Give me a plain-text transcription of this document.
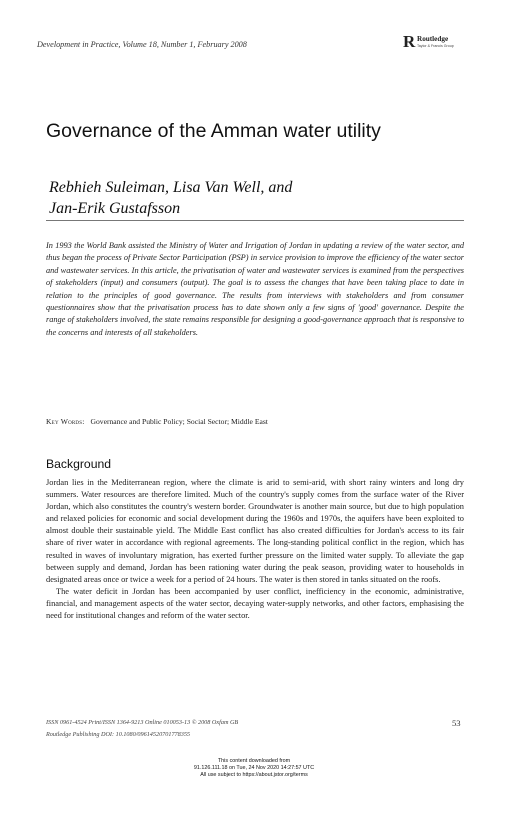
Development in Practice, Volume 18, Number 1, February 2008	R Routledge
Taylor & Francis Group
Governance of the Amman water utility
Rebhieh Suleiman, Lisa Van Well, and
Jan-Erik Gustafsson
In 1993 the World Bank assisted the Ministry of Water and Irrigation of Jordan in updating a review of the water sector, and thus began the process of Private Sector Participation (PSP) in service provision to improve the efficiency of the water sector and wastewater services. In this article, the privatisation of water and wastewater services is examined from the perspectives of stakeholders (input) and consumers (output). The goal is to assess the changes that have been taking place to date in relation to the principles of good governance. The results from interviews with stakeholders and from consumer questionnaires show that the privatisation process has to date shown only a few signs of 'good' governance. Despite the range of stakeholders involved, the state remains responsible for designing a good-governance approach that is responsive to the concerns and interests of all stakeholders.
Key Words: Governance and Public Policy; Social Sector; Middle East
Background

Jordan lies in the Mediterranean region, where the climate is arid to semi-arid, with short rainy winters and long dry summers. Water resources are therefore limited. Much of the country's supply comes from the surface water of the River Jordan, which also constitutes the country's western border. Groundwater is another main source, but due to high population and relaxed policies for economic and social development during the 1960s and 1970s, the aquifers have been exploited to almost double their sustainable yield. The Middle East conflict has also created difficulties for Jordan's access to its fair share of river water in accordance with regional agreements. The long-standing political conflict in the region, which has resulted in waves of involuntary migration, has exerted further pressure on the limited water supply. To alleviate the gap between supply and demand, Jordan has been rationing water during the peak season, providing water to households in designated areas once or twice a week for a period of 24 hours. The water is then stored in tanks situated on the roofs.

The water deficit in Jordan has been accompanied by user conflict, inefficiency in the economic, administrative, financial, and management aspects of the water sector, decaying water-supply networks, and other factors, emphasising the need for institutional changes and reform of the water sector.

ISSN 0961-4524 Print/ISSN 1364-9213 Online 010053-13 © 2008 Oxfam GB
Routledge Publishing DOI: 10.1080/09614520701778355
53
This content downloaded from
91.126.111.18 on Tue, 24 Nov 2020 14:27:57 UTC
All use subject to https://about.jstor.org/terms
